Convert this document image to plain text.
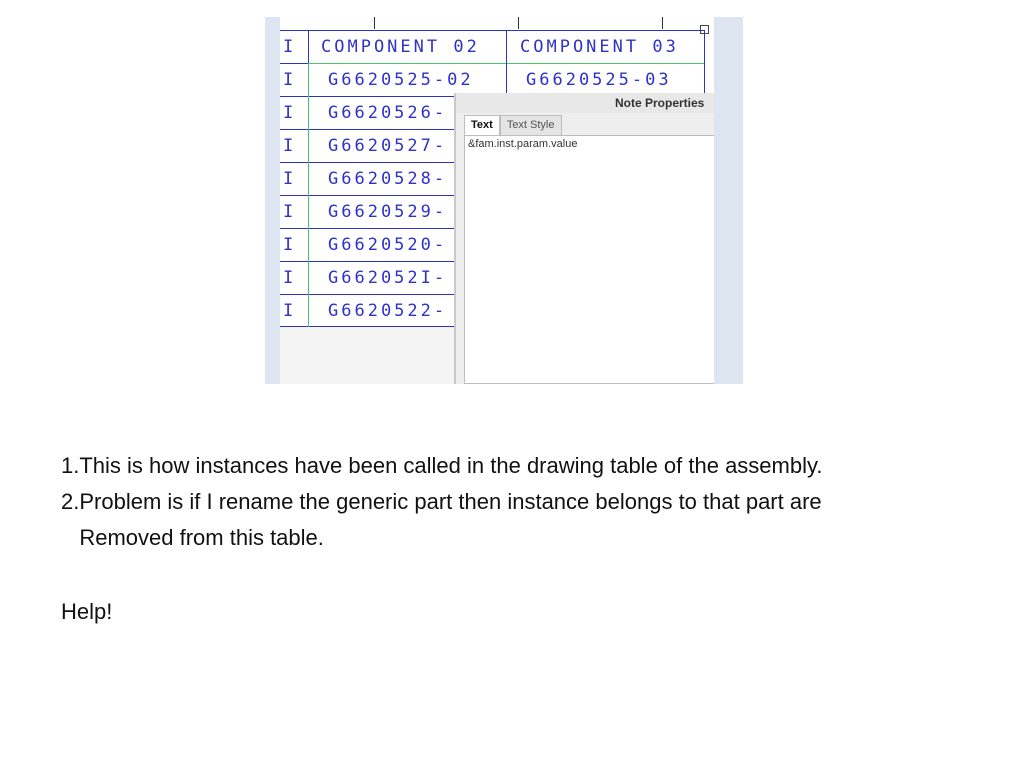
I	COMPONENT 02	COMPONENT 03
I	G6620525-02	G6620525-03
I	G6620526-
I	G6620527-
I	G6620528-
I	G6620529-
I	G6620520-
I	G662052I-
I	G6620522-
Note Properties
Text	Text Style
&fam.inst.param.value
1.This is how instances have been called in the drawing table of the assembly.
2.Problem is if I rename the generic part then instance belongs to that part are
Removed from this table.
Help!
